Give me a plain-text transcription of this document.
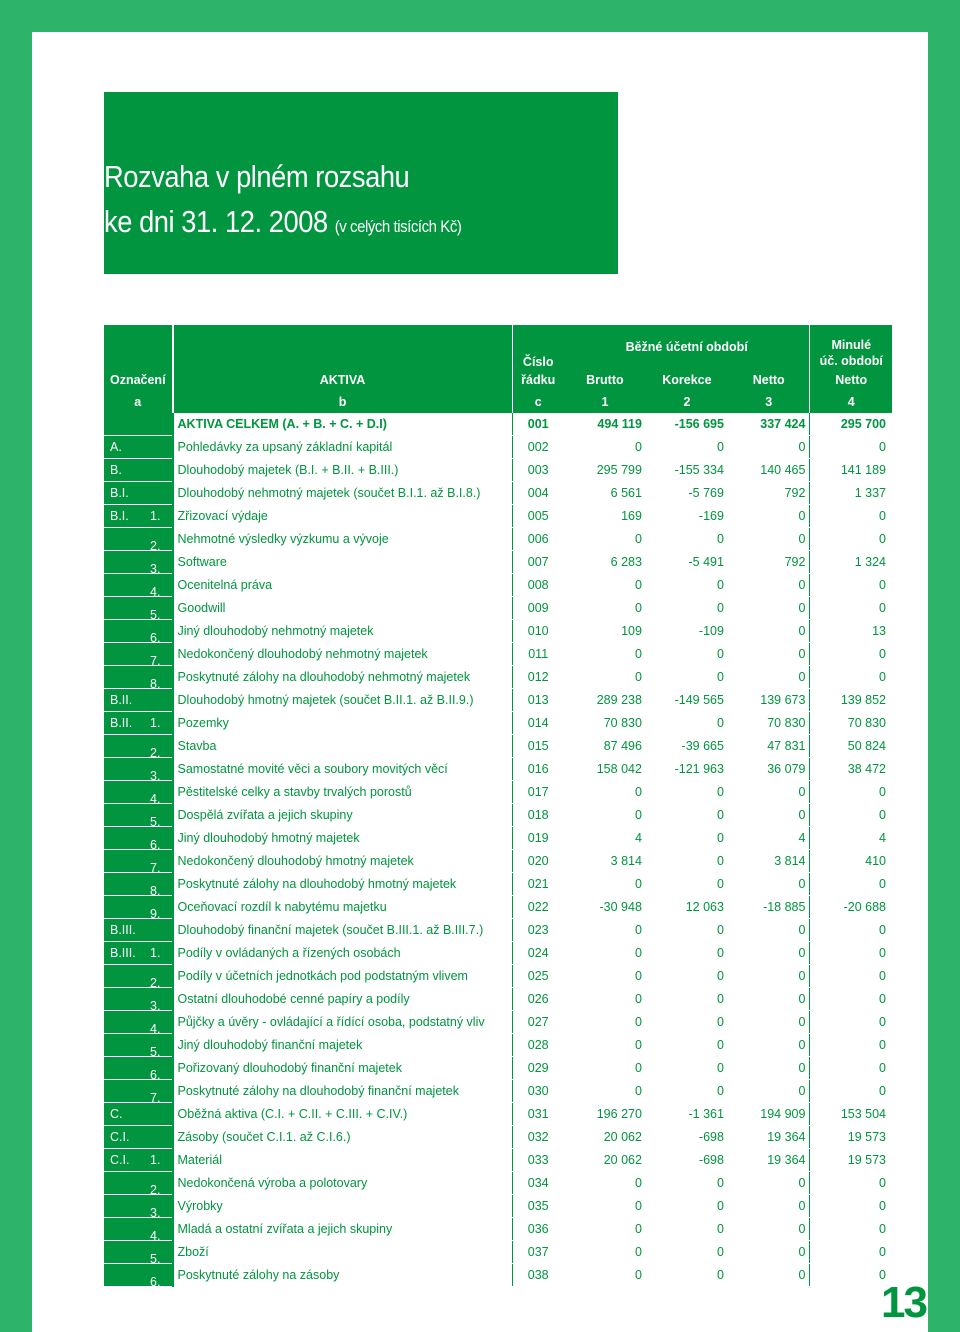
Rozvaha v plném rozsahu
ke dni 31. 12. 2008 (v celých tisících Kč)
		Číslo	Běžné účetní období			Minulé
úč. období

Označení	AKTIVA	řádku	Brutto	Korekce	Netto	Netto
a	b	c	1	2	3	4

	AKTIVA CELKEM (A. + B. + C. + D.I)	001	494 119	-156 695	337 424	295 700
A.	Pohledávky za upsaný základní kapitál	002	0	0	0	0
B.	Dlouhodobý majetek (B.I. + B.II. + B.III.)	003	295 799	-155 334	140 465	141 189
B.I.	Dlouhodobý nehmotný majetek (součet B.I.1. až B.I.8.)	004	6 561	-5 769	792	1 337
B.I. 1.	Zřizovací výdaje	005	169	-169	0	0

2.	Nehmotné výsledky výzkumu a vývoje	006	0	0	0	0

3.	Software	007	6 283	-5 491	792	1 324

4.	Ocenitelná práva	008	0	0	0	0

5.	Goodwill	009	0	0	0	0

6.	Jiný dlouhodobý nehmotný majetek	010	109	-109	0	13

7.	Nedokončený dlouhodobý nehmotný majetek	011	0	0	0	0

8.	Poskytnuté zálohy na dlouhodobý nehmotný majetek	012	0	0	0	0
B.II.	Dlouhodobý hmotný majetek (součet B.II.1. až B.II.9.)	013	289 238	-149 565	139 673	139 852
B.II. 1.	Pozemky	014	70 830	0	70 830	70 830

2.	Stavba	015	87 496	-39 665	47 831	50 824

3.	Samostatné movité věci a soubory movitých věcí	016	158 042	-121 963	36 079	38 472

4.	Pěstitelské celky a stavby trvalých porostů	017	0	0	0	0

5.	Dospělá zvířata a jejich skupiny	018	0	0	0	0

6.	Jiný dlouhodobý hmotný majetek	019	4	0	4	4

7.	Nedokončený dlouhodobý hmotný majetek	020	3 814	0	3 814	410

8.	Poskytnuté zálohy na dlouhodobý hmotný majetek	021	0	0	0	0

9.	Oceňovací rozdíl k nabytému majetku	022	-30 948	12 063	-18 885	-20 688
B.III.	Dlouhodobý finanční majetek (součet B.III.1. až B.III.7.)	023	0	0	0	0
B.III. 1.	Podíly v ovládaných a řízených osobách	024	0	0	0	0

2.	Podíly v účetních jednotkách pod podstatným vlivem	025	0	0	0	0

3.	Ostatní dlouhodobé cenné papíry a podíly	026	0	0	0	0

4.	Půjčky a úvěry - ovládající a řídící osoba, podstatný vliv	027	0	0	0	0

5.	Jiný dlouhodobý finanční majetek	028	0	0	0	0

6.	Pořizovaný dlouhodobý finanční majetek	029	0	0	0	0

7.	Poskytnuté zálohy na dlouhodobý finanční majetek	030	0	0	0	0
C.	Oběžná aktiva (C.I. + C.II. + C.III. + C.IV.)	031	196 270	-1 361	194 909	153 504
C.I.	Zásoby (součet C.I.1. až C.I.6.)	032	20 062	-698	19 364	19 573
C.I. 1.	Materiál	033	20 062	-698	19 364	19 573

2.	Nedokončená výroba a polotovary	034	0	0	0	0

3.	Výrobky	035	0	0	0	0

4.	Mladá a ostatní zvířata a jejich skupiny	036	0	0	0	0

5.	Zboží	037	0	0	0	0

6.	Poskytnuté zálohy na zásoby	038	0	0	0	0
13
